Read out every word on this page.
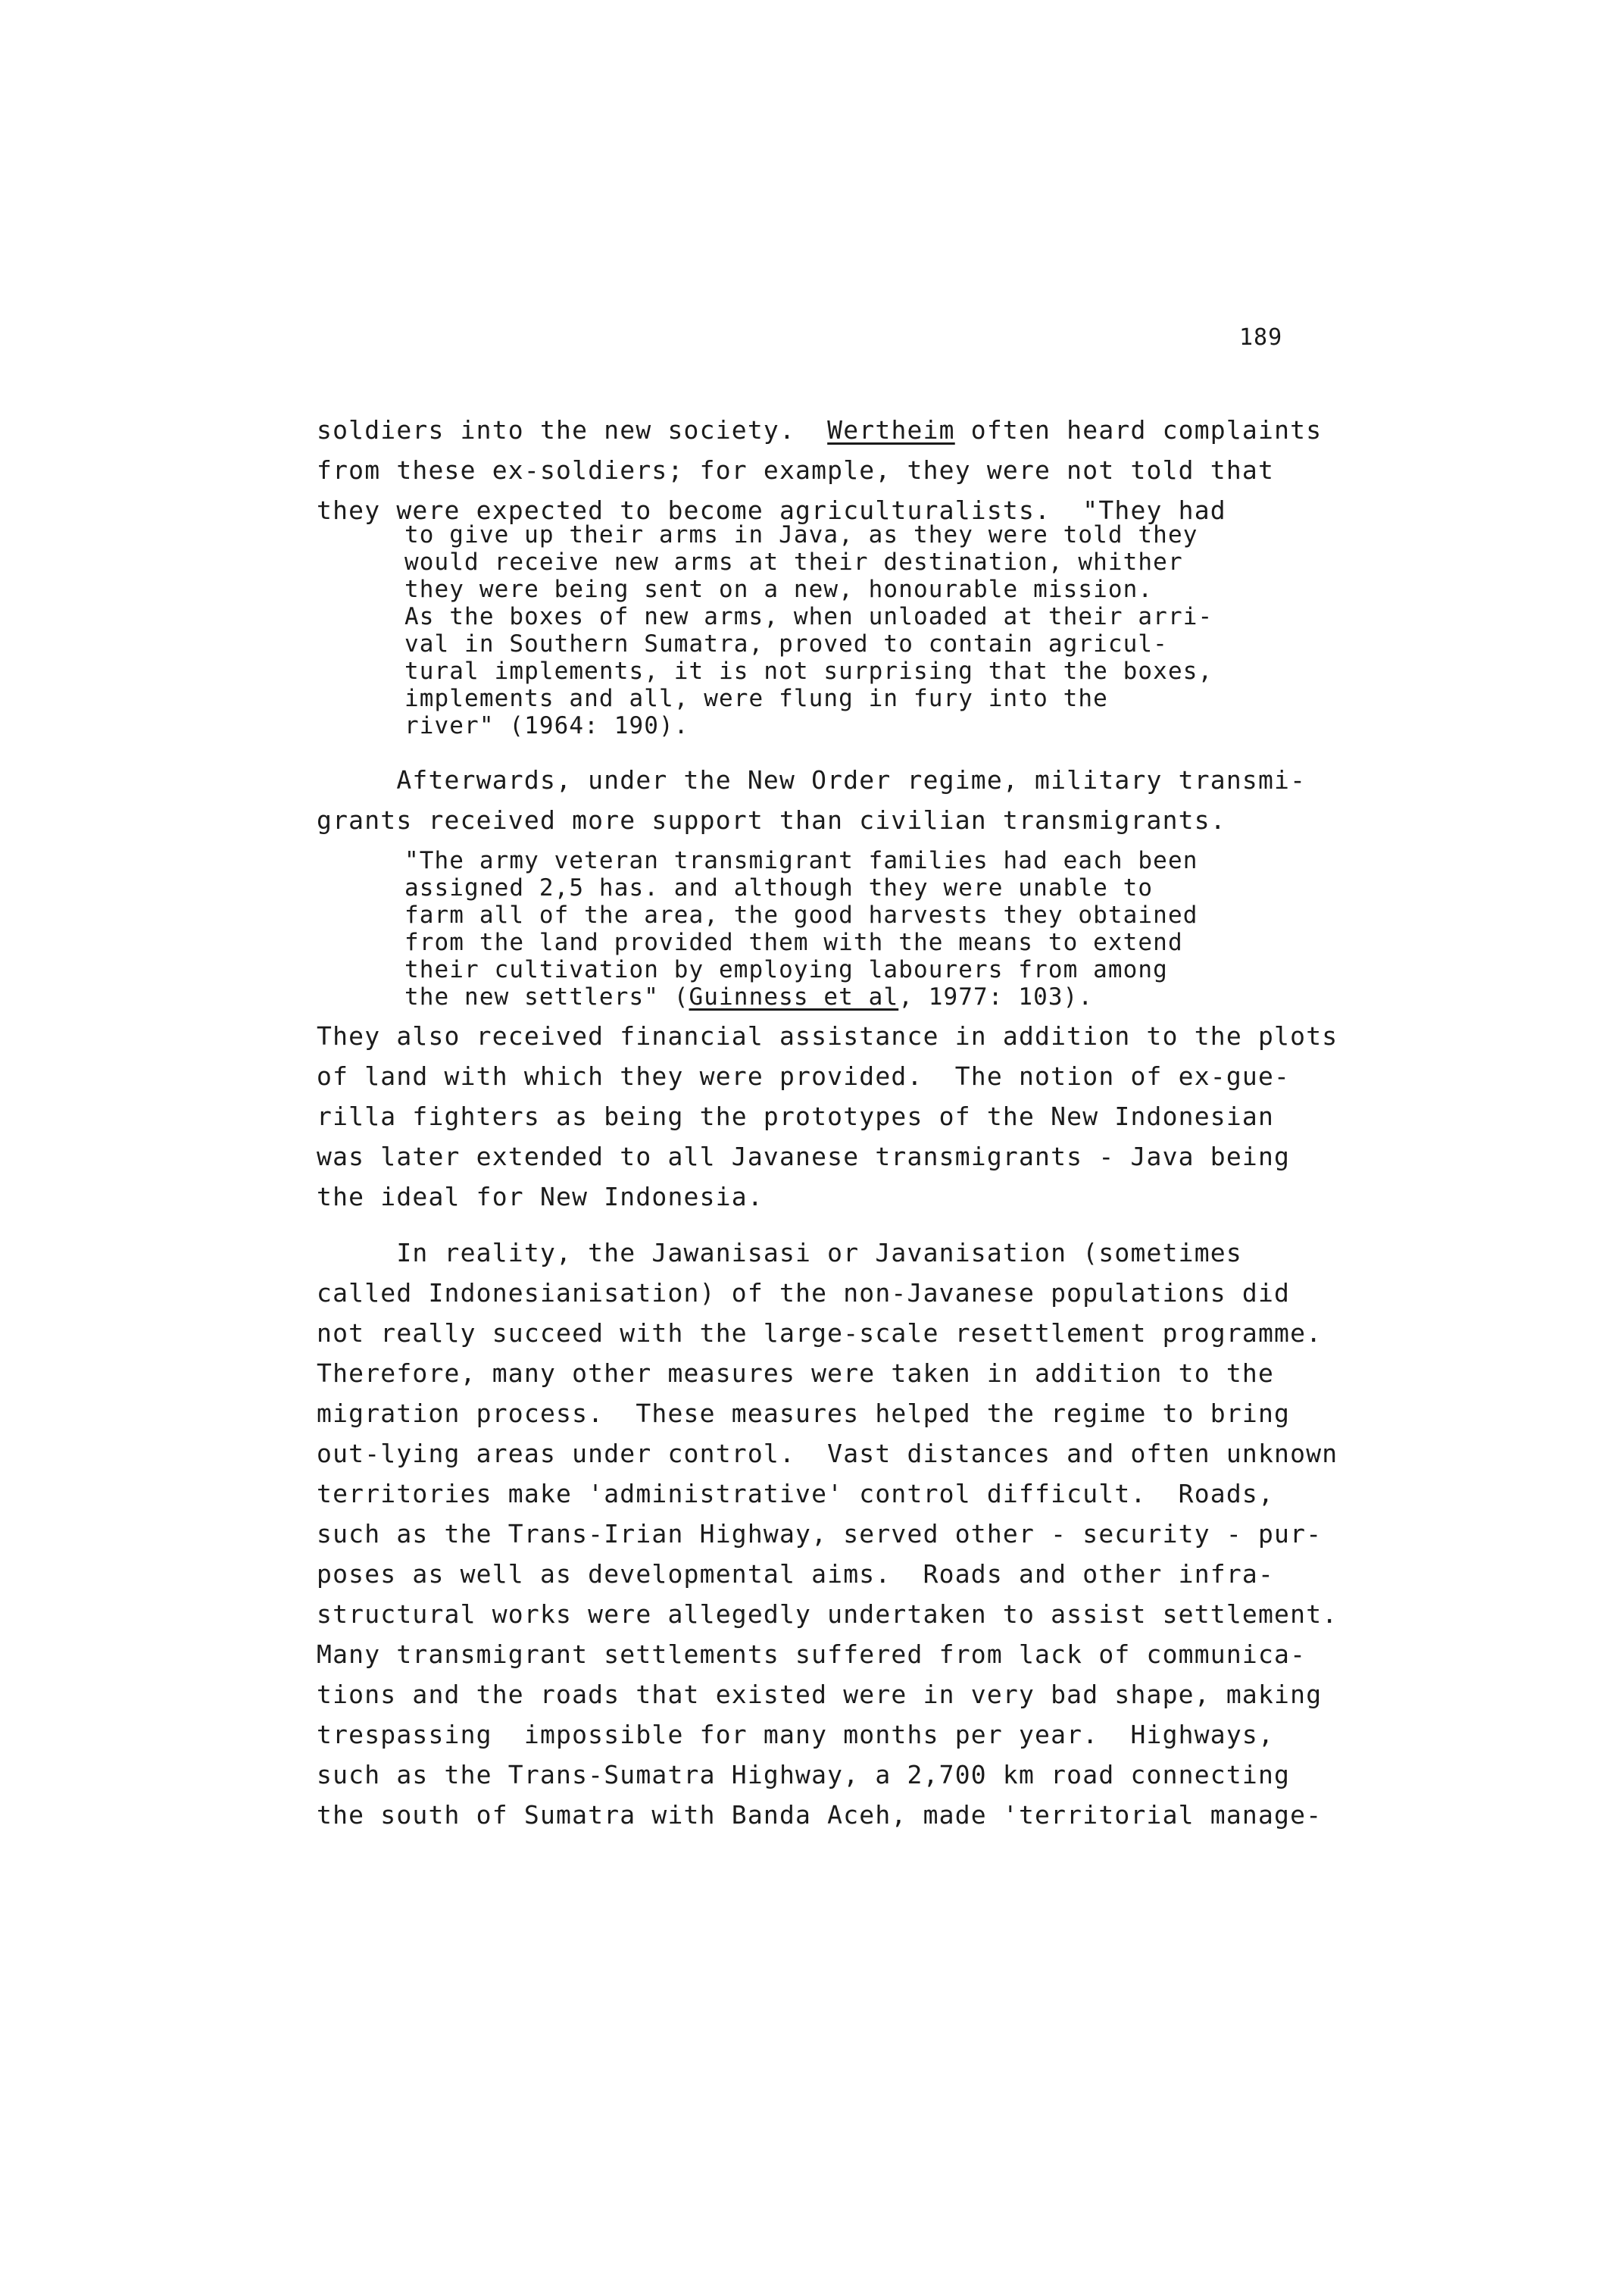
189
soldiers into the new society.  Wertheim often heard complaints
from these ex-soldiers; for example, they were not told that
they were expected to become agriculturalists.  "They had
to give up their arms in Java, as they were told they
would receive new arms at their destination, whither
they were being sent on a new, honourable mission.
As the boxes of new arms, when unloaded at their arri-
val in Southern Sumatra, proved to contain agricul-
tural implements, it is not surprising that the boxes,
implements and all, were flung in fury into the
river" (1964: 190).
Afterwards, under the New Order regime, military transmi-
grants received more support than civilian transmigrants.
"The army veteran transmigrant families had each been
assigned 2,5 has. and although they were unable to
farm all of the area, the good harvests they obtained
from the land provided them with the means to extend
their cultivation by employing labourers from among
the new settlers" (Guinness et al, 1977: 103).
They also received financial assistance in addition to the plots
of land with which they were provided.  The notion of ex-gue-
rilla fighters as being the prototypes of the New Indonesian
was later extended to all Javanese transmigrants - Java being
the ideal for New Indonesia.
In reality, the Jawanisasi or Javanisation (sometimes
called Indonesianisation) of the non-Javanese populations did
not really succeed with the large-scale resettlement programme.
Therefore, many other measures were taken in addition to the
migration process.  These measures helped the regime to bring
out-lying areas under control.  Vast distances and often unknown
territories make 'administrative' control difficult.  Roads,
such as the Trans-Irian Highway, served other - security - pur-
poses as well as developmental aims.  Roads and other infra-
structural works were allegedly undertaken to assist settlement.
Many transmigrant settlements suffered from lack of communica-
tions and the roads that existed were in very bad shape, making
trespassing  impossible for many months per year.  Highways,
such as the Trans-Sumatra Highway, a 2,700 km road connecting
the south of Sumatra with Banda Aceh, made 'territorial manage-
